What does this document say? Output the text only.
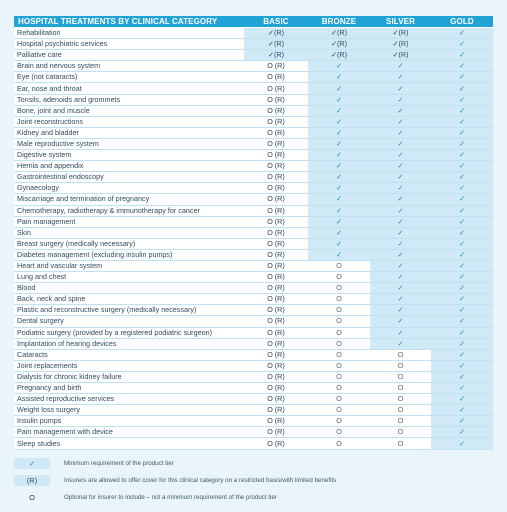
HOSPITAL TREATMENTS BY CLINICAL CATEGORY	BASIC	BRONZE	SILVER	GOLD
Rehabilitation	✓(R)	✓(R)	✓(R)	✓
Hospital psychiatric services	✓(R)	✓(R)	✓(R)	✓
Palliative care	✓(R)	✓(R)	✓(R)	✓
Brain and nervous system	O (R)	✓	✓	✓
Eye (not cataracts)	O (R)	✓	✓	✓
Ear, nose and throat	O (R)	✓	✓	✓
Tonsils, adenoids and grommets	O (R)	✓	✓	✓
Bone, joint and muscle	O (R)	✓	✓	✓
Joint reconstructions	O (R)	✓	✓	✓
Kidney and bladder	O (R)	✓	✓	✓
Male reproductive system	O (R)	✓	✓	✓
Digestive system	O (R)	✓	✓	✓
Hernia and appendix	O (R)	✓	✓	✓
Gastrointestinal endoscopy	O (R)	✓	✓	✓
Gynaecology	O (R)	✓	✓	✓
Miscarriage and termination of pregnancy	O (R)	✓	✓	✓
Chemotherapy, radiotherapy & immunotherapy for cancer	O (R)	✓	✓	✓
Pain management	O (R)	✓	✓	✓
Skin	O (R)	✓	✓	✓
Breast surgery (medically necessary)	O (R)	✓	✓	✓
Diabetes management (excluding insulin pumps)	O (R)	✓	✓	✓
Heart and vascular system	O (R)	O	✓	✓
Lung and chest	O (R)	O	✓	✓
Blood	O (R)	O	✓	✓
Back, neck and spine	O (R)	O	✓	✓
Plastic and reconstructive surgery (medically necessary)	O (R)	O	✓	✓
Dental surgery	O (R)	O	✓	✓
Podiatric surgery (provided by a registered podiatric surgeon)	O (R)	O	✓	✓
Implantation of hearing devices	O (R)	O	✓	✓
Cataracts	O (R)	O	O	✓
Joint replacements	O (R)	O	O	✓
Dialysis for chronic kidney failure	O (R)	O	O	✓
Pregnancy and birth	O (R)	O	O	✓
Assisted reproductive services	O (R)	O	O	✓
Weight loss surgery	O (R)	O	O	✓
Insulin pumps	O (R)	O	O	✓
Pain management with device	O (R)	O	O	✓
Sleep studies	O (R)	O	O	✓
✓	Minimum requirement of the product tier
(R)	Insurers are allowed to offer cover for this clinical category on a restricted basis/with limited benefits
O	Optional for insurer to include – not a minimum requirement of the product tier
